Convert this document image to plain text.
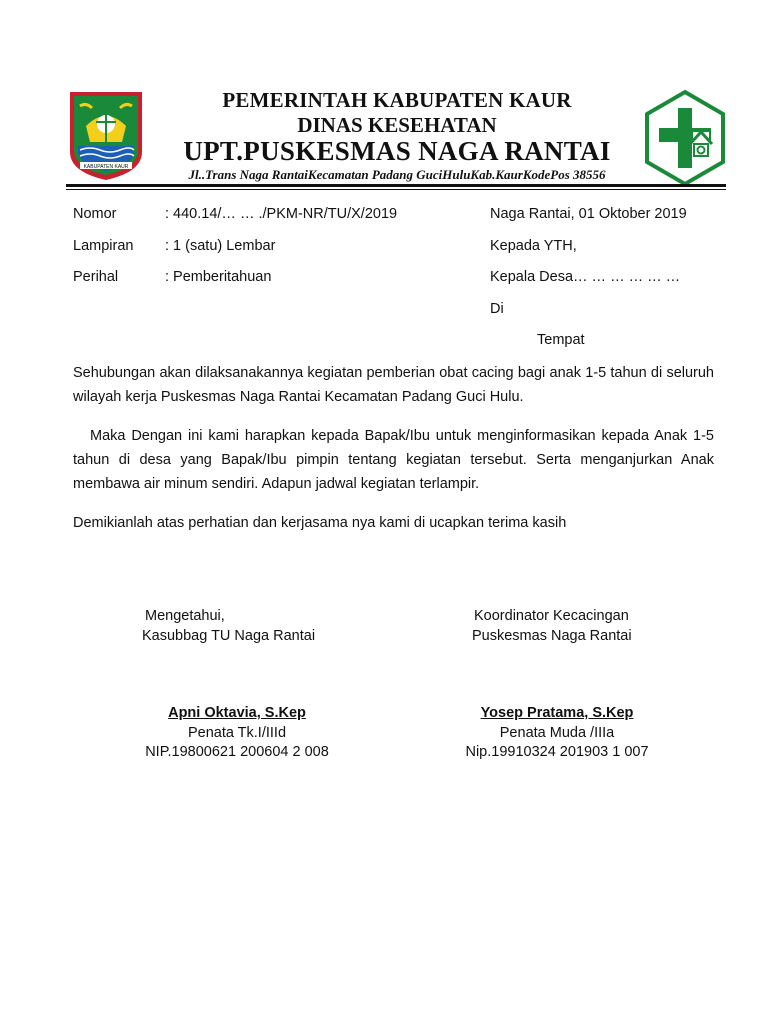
KABUPATEN KAUR
PEMERINTAH KABUPATEN KAUR
DINAS KESEHATAN
UPT.PUSKESMAS NAGA RANTAI
Jl..Trans Naga RantaiKecamatan Padang GuciHuluKab.KaurKodePos 38556
Nomor	: 440.14/… … ./PKM-NR/TU/X/2019
Lampiran : 1 (satu) Lembar
Perihal	: Pemberitahuan
Naga Rantai, 01 Oktober 2019
Kepada YTH,
Kepala Desa… … … … … …
Di
Tempat
Sehubungan akan dilaksanakannya kegiatan pemberian obat cacing bagi anak 1-5 tahun di seluruh wilayah kerja Puskesmas Naga Rantai Kecamatan Padang Guci Hulu.
Maka Dengan ini kami harapkan kepada Bapak/Ibu untuk menginformasikan kepada Anak 1-5 tahun di desa yang Bapak/Ibu pimpin tentang kegiatan tersebut. Serta menganjurkan Anak membawa air minum sendiri. Adapun jadwal kegiatan terlampir.
Demikianlah atas perhatian dan kerjasama nya kami di ucapkan terima kasih
Mengetahui,
Kasubbag TU Naga Rantai
Apni Oktavia, S.Kep
Penata Tk.I/IIId
NIP.19800621 200604 2 008
Koordinator Kecacingan
Puskesmas Naga Rantai
Yosep Pratama, S.Kep
Penata Muda /IIIa
Nip.19910324 201903 1 007
